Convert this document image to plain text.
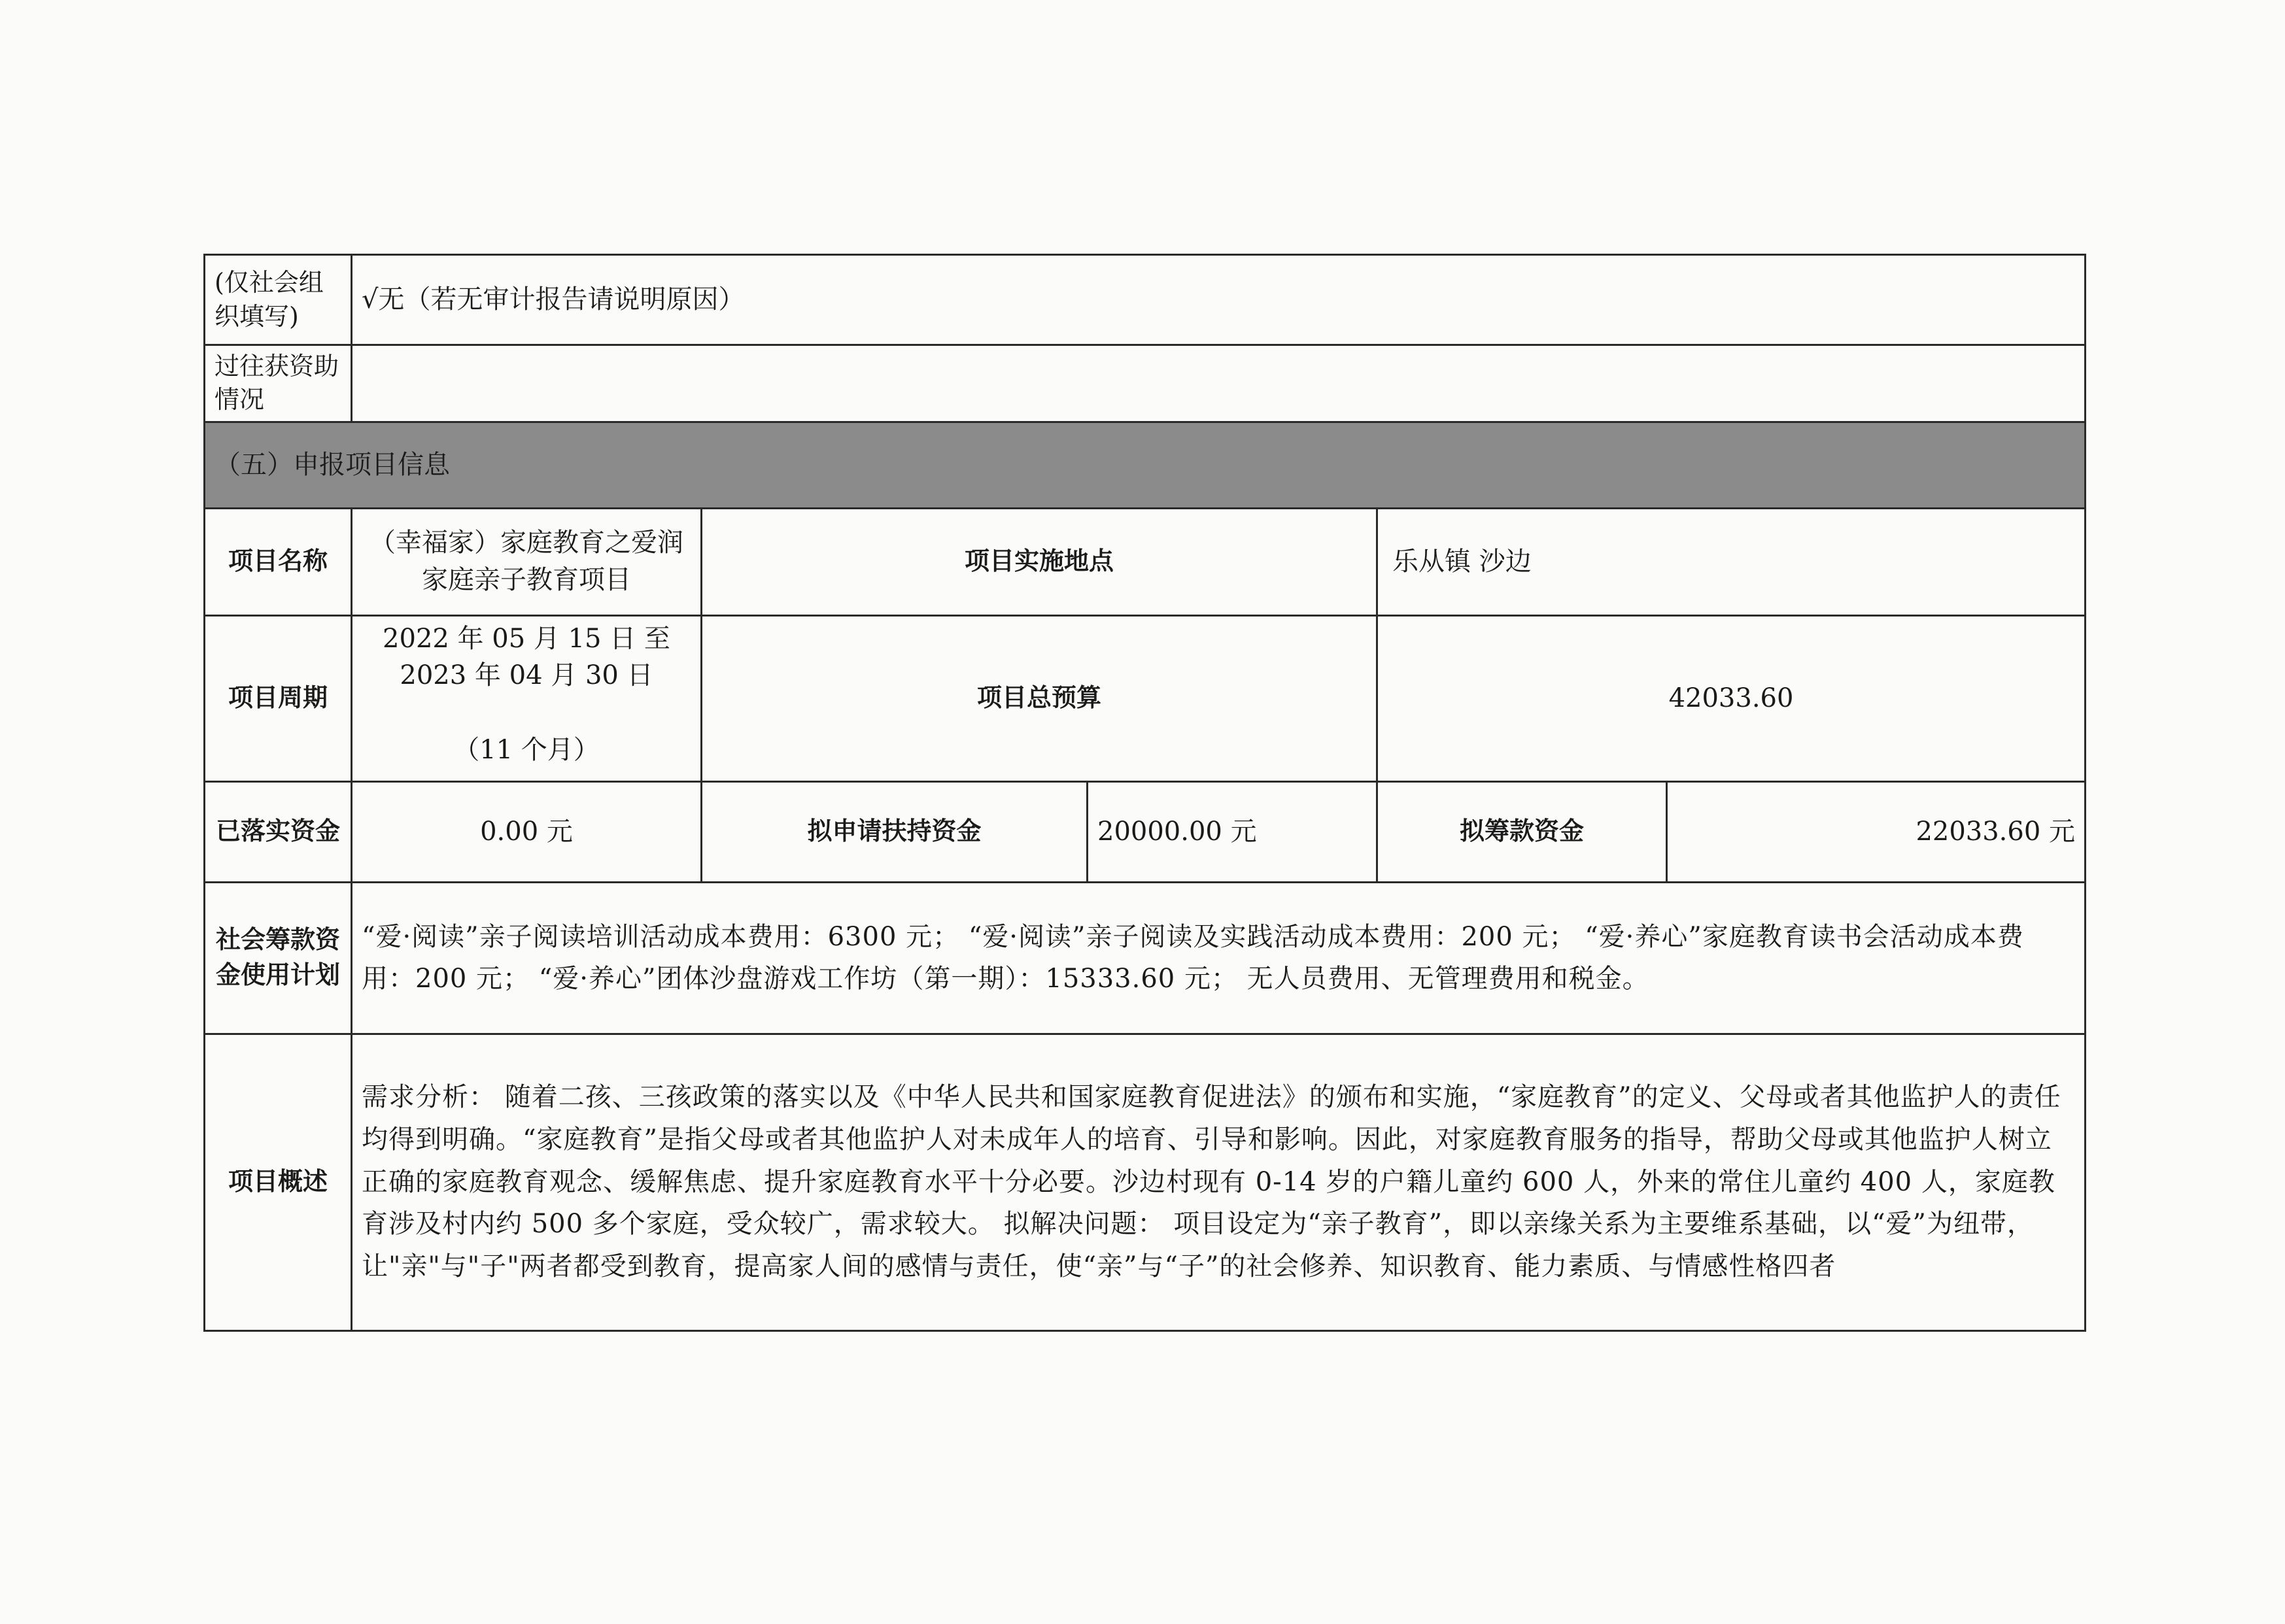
(仅社会组织填写)	√无（若无审计报告请说明原因）				
过往获资助情况					
（五）申报项目信息					
项目名称	（幸福家）家庭教育之爱润家庭亲子教育项目	项目实施地点		乐从镇 沙边	
项目周期	2022 年 05 月 15 日 至
2023 年 04 月 30 日

（11 个月）	项目总预算		42033.60	
已落实资金	0.00 元	拟申请扶持资金	20000.00 元	拟筹款资金	22033.60 元
社会筹款资金使用计划	“爱·阅读”亲子阅读培训活动成本费用：6300 元； “爱·阅读”亲子阅读及实践活动成本费用：200 元； “爱·养心”家庭教育读书会活动成本费用：200 元； “爱·养心”团体沙盘游戏工作坊（第一期）：15333.60 元； 无人员费用、无管理费用和税金。				
项目概述	需求分析： 随着二孩、三孩政策的落实以及《中华人民共和国家庭教育促进法》的颁布和实施，“家庭教育”的定义、父母或者其他监护人的责任均得到明确。“家庭教育”是指父母或者其他监护人对未成年人的培育、引导和影响。因此，对家庭教育服务的指导，帮助父母或其他监护人树立正确的家庭教育观念、缓解焦虑、提升家庭教育水平十分必要。沙边村现有 0-14 岁的户籍儿童约 600 人，外来的常住儿童约 400 人，家庭教育涉及村内约 500 多个家庭，受众较广，需求较大。 拟解决问题： 项目设定为“亲子教育”，即以亲缘关系为主要维系基础，以“爱”为纽带，让"亲"与"子"两者都受到教育，提高家人间的感情与责任，使“亲”与“子”的社会修养、知识教育、能力素质、与情感性格四者				
